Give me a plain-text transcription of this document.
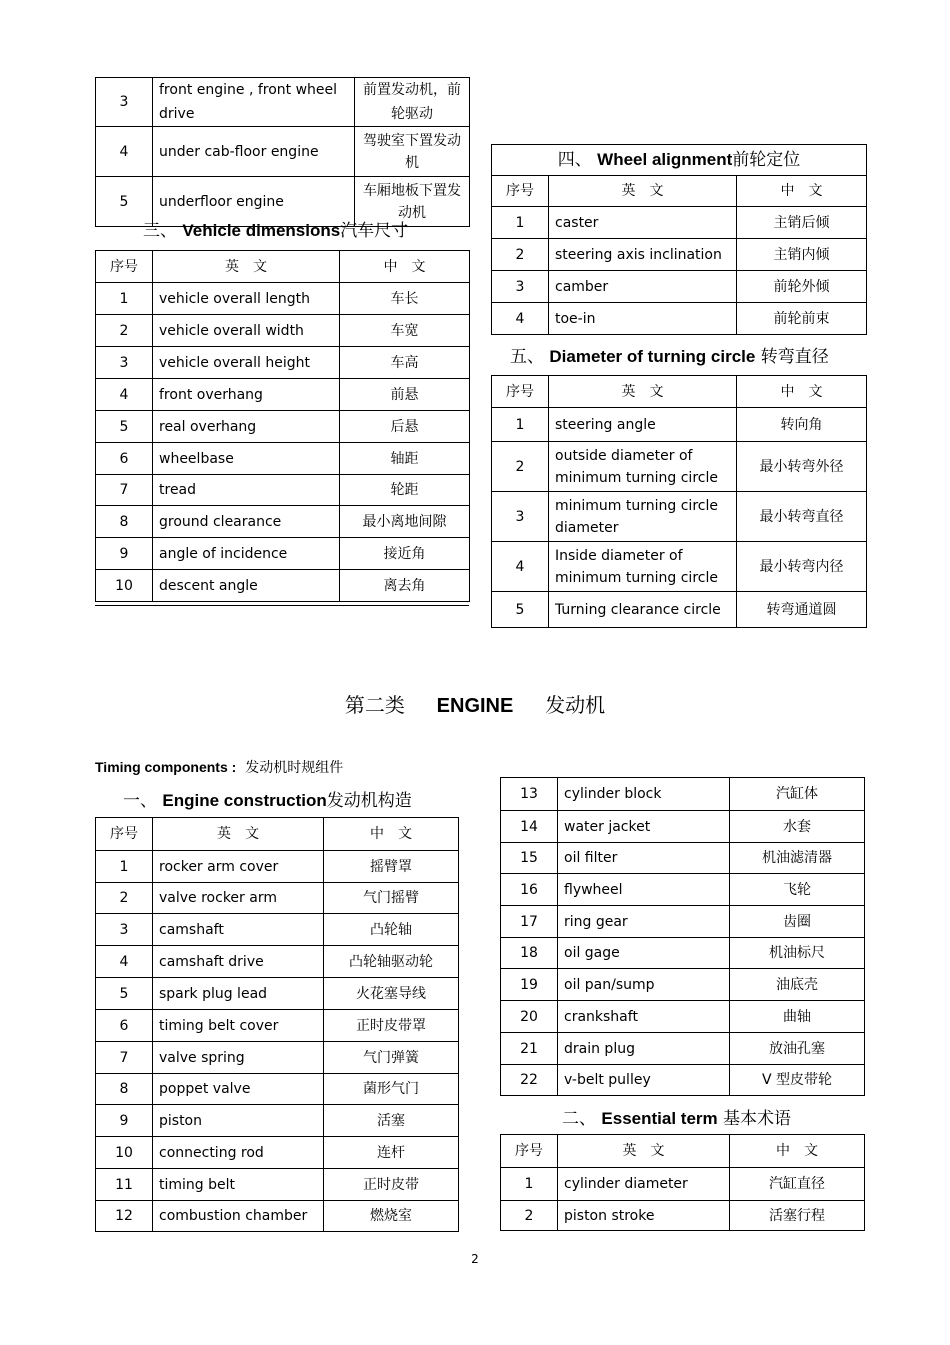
3	front engine , front wheel drive	前置发动机，前轮驱动
4	under cab-floor engine	驾驶室下置发动机
5	underfloor engine	车厢地板下置发动机
三、 Vehicle dimensions汽车尺寸
序号	英　文	中　文
1	vehicle overall length	车长
2	vehicle overall width	车宽
3	vehicle overall height	车高
4	front overhang	前悬
5	real overhang	后悬
6	wheelbase	轴距
7	tread	轮距
8	ground clearance	最小离地间隙
9	angle of incidence	接近角
10	descent angle	离去角
四、 Wheel alignment前轮定位		
序号	英　文	中　文
1	caster	主销后倾
2	steering axis inclination	主销内倾
3	camber	前轮外倾
4	toe-in	前轮前束
五、 Diameter of turning circle 转弯直径
序号	英　文	中　文
1	steering angle	转向角
2	outside diameter of minimum turning circle	最小转弯外径
3	minimum turning circle diameter	最小转弯直径
4	Inside diameter of minimum turning circle	最小转弯内径
5	Turning clearance circle	转弯通道圆
第二类 ENGINE 发动机
Timing components : 发动机时规组件
一、 Engine construction发动机构造
序号	英　文	中　文
1	rocker arm cover	摇臂罩
2	valve rocker arm	气门摇臂
3	camshaft	凸轮轴
4	camshaft drive	凸轮轴驱动轮
5	spark plug lead	火花塞导线
6	timing belt cover	正时皮带罩
7	valve spring	气门弹簧
8	poppet valve	菌形气门
9	piston	活塞
10	connecting rod	连杆
11	timing belt	正时皮带
12	combustion chamber	燃烧室
13	cylinder block	汽缸体
14	water jacket	水套
15	oil filter	机油滤清器
16	flywheel	飞轮
17	ring gear	齿圈
18	oil gage	机油标尺
19	oil pan/sump	油底壳
20	crankshaft	曲轴
21	drain plug	放油孔塞
22	v-belt pulley	V 型皮带轮
二、 Essential term 基本术语
序号	英　文	中　文
1	cylinder diameter	汽缸直径
2	piston stroke	活塞行程
2
